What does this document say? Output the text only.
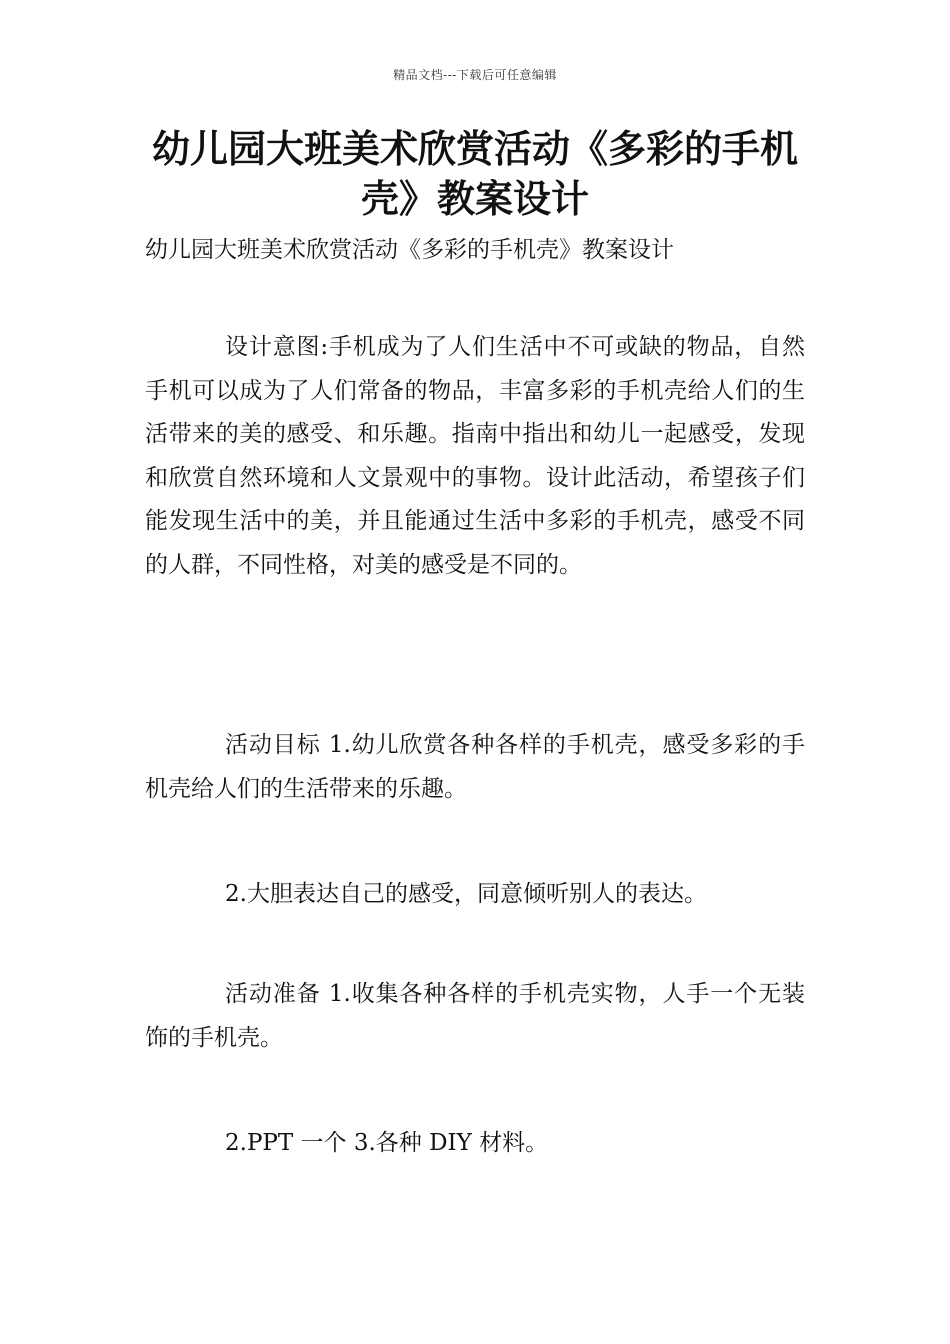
精品文档---下载后可任意编辑
幼儿园大班美术欣赏活动《多彩的手机壳》教案设计

幼儿园大班美术欣赏活动《多彩的手机壳》教案设计

设计意图:手机成为了人们生活中不可或缺的物品，自然手机可以成为了人们常备的物品，丰富多彩的手机壳给人们的生活带来的美的感受、和乐趣。指南中指出和幼儿一起感受，发现和欣赏自然环境和人文景观中的事物。设计此活动，希望孩子们能发现生活中的美，并且能通过生活中多彩的手机壳，感受不同的人群，不同性格，对美的感受是不同的。

活动目标 1.幼儿欣赏各种各样的手机壳，感受多彩的手机壳给人们的生活带来的乐趣。

2.大胆表达自己的感受，同意倾听别人的表达。

活动准备 1.收集各种各样的手机壳实物，人手一个无装饰的手机壳。

2.PPT 一个 3.各种 DIY 材料。
